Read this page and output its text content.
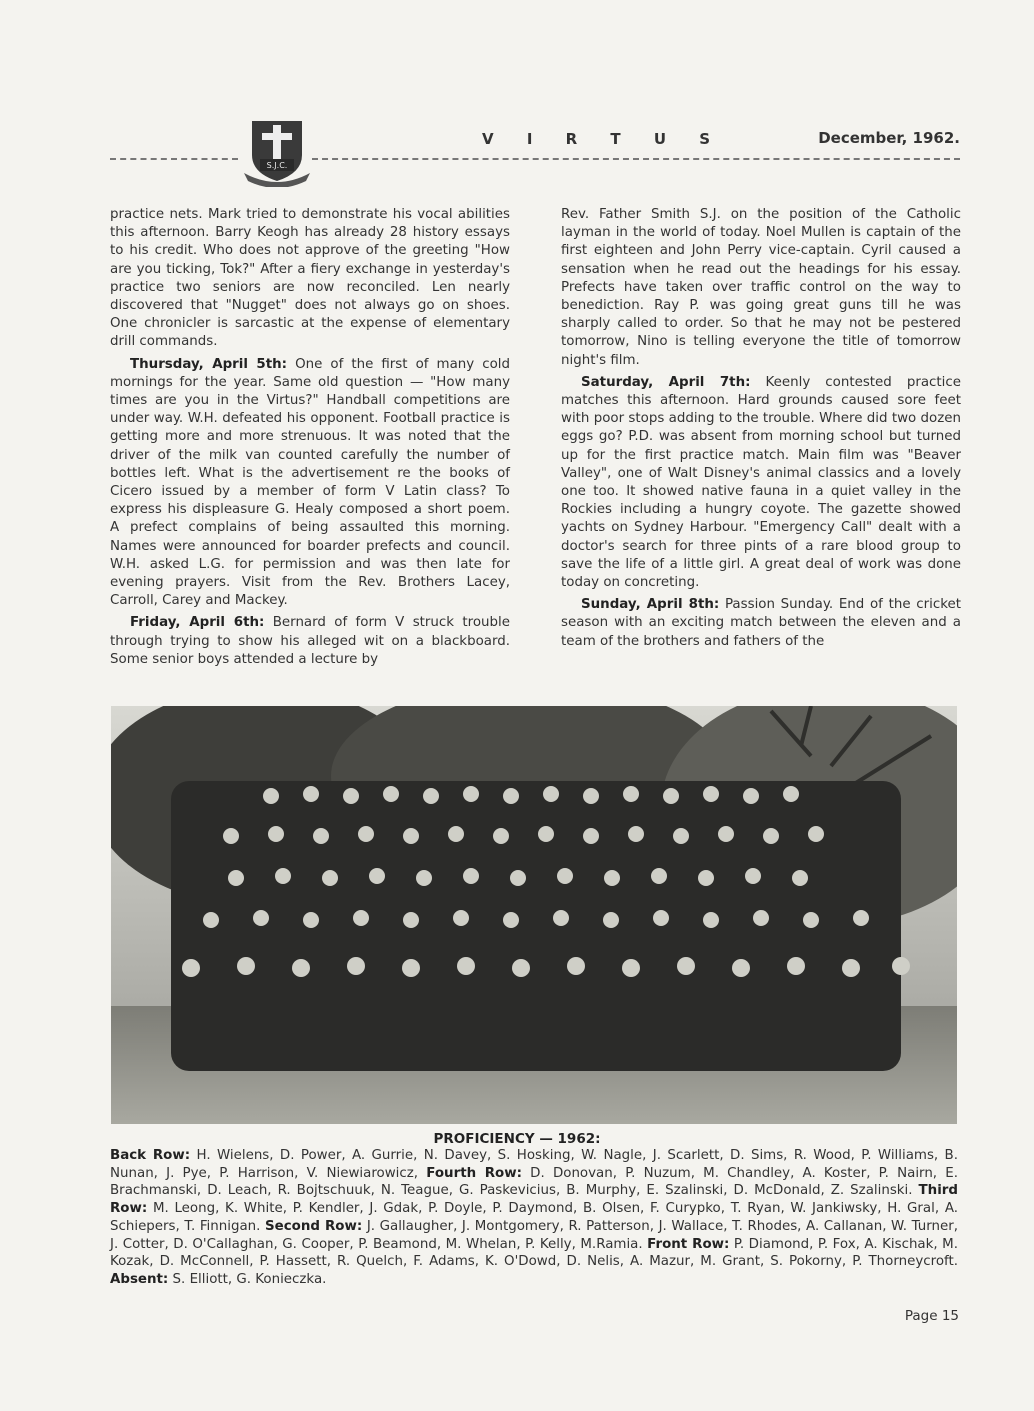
S.J.C.
V I R T U S	December, 1962.

practice nets. Mark tried to demonstrate his vocal abilities this afternoon. Barry Keogh has already 28 history essays to his credit. Who does not approve of the greeting "How are you ticking, Tok?" After a fiery exchange in yesterday's practice two seniors are now reconciled. Len nearly discovered that "Nugget" does not always go on shoes. One chronicler is sarcastic at the expense of elementary drill commands.

Thursday, April 5th: One of the first of many cold mornings for the year. Same old question — "How many times are you in the Virtus?" Handball competitions are under way. W.H. defeated his opponent. Football practice is getting more and more strenuous. It was noted that the driver of the milk van counted carefully the number of bottles left. What is the advertisement re the books of Cicero issued by a member of form V Latin class? To express his displeasure G. Healy composed a short poem. A prefect complains of being assaulted this morning. Names were announced for boarder prefects and council. W.H. asked L.G. for permission and was then late for evening prayers. Visit from the Rev. Brothers Lacey, Carroll, Carey and Mackey.

Friday, April 6th: Bernard of form V struck trouble through trying to show his alleged wit on a blackboard. Some senior boys attended a lecture by

Rev. Father Smith S.J. on the position of the Catholic layman in the world of today. Noel Mullen is captain of the first eighteen and John Perry vice-captain. Cyril caused a sensation when he read out the headings for his essay. Prefects have taken over traffic control on the way to benediction. Ray P. was going great guns till he was sharply called to order. So that he may not be pestered tomorrow, Nino is telling everyone the title of tomorrow night's film.

Saturday, April 7th: Keenly contested practice matches this afternoon. Hard grounds caused sore feet with poor stops adding to the trouble. Where did two dozen eggs go? P.D. was absent from morning school but turned up for the first practice match. Main film was "Beaver Valley", one of Walt Disney's animal classics and a lovely one too. It showed native fauna in a quiet valley in the Rockies including a hungry coyote. The gazette showed yachts on Sydney Harbour. "Emergency Call" dealt with a doctor's search for three pints of a rare blood group to save the life of a little girl. A great deal of work was done today on concreting.

Sunday, April 8th: Passion Sunday. End of the cricket season with an exciting match between the eleven and a team of the brothers and fathers of the

PROFICIENCY — 1962:
Back Row: H. Wielens, D. Power, A. Gurrie, N. Davey, S. Hosking, W. Nagle, J. Scarlett, D. Sims, R. Wood, P. Williams, B. Nunan, J. Pye, P. Harrison, V. Niewiarowicz, Fourth Row: D. Donovan, P. Nuzum, M. Chandley, A. Koster, P. Nairn, E. Brachmanski, D. Leach, R. Bojtschuuk, N. Teague, G. Paskevicius, B. Murphy, E. Szalinski, D. McDonald, Z. Szalinski. Third Row: M. Leong, K. White, P. Kendler, J. Gdak, P. Doyle, P. Daymond, B. Olsen, F. Curypko, T. Ryan, W. Jankiwsky, H. Gral, A. Schiepers, T. Finnigan. Second Row: J. Gallaugher, J. Montgomery, R. Patterson, J. Wallace, T. Rhodes, A. Callanan, W. Turner, J. Cotter, D. O'Callaghan, G. Cooper, P. Beamond, M. Whelan, P. Kelly, M.Ramia. Front Row: P. Diamond, P. Fox, A. Kischak, M. Kozak, D. McConnell, P. Hassett, R. Quelch, F. Adams, K. O'Dowd, D. Nelis, A. Mazur, M. Grant, S. Pokorny, P. Thorneycroft. Absent: S. Elliott, G. Konieczka.
Page 15
